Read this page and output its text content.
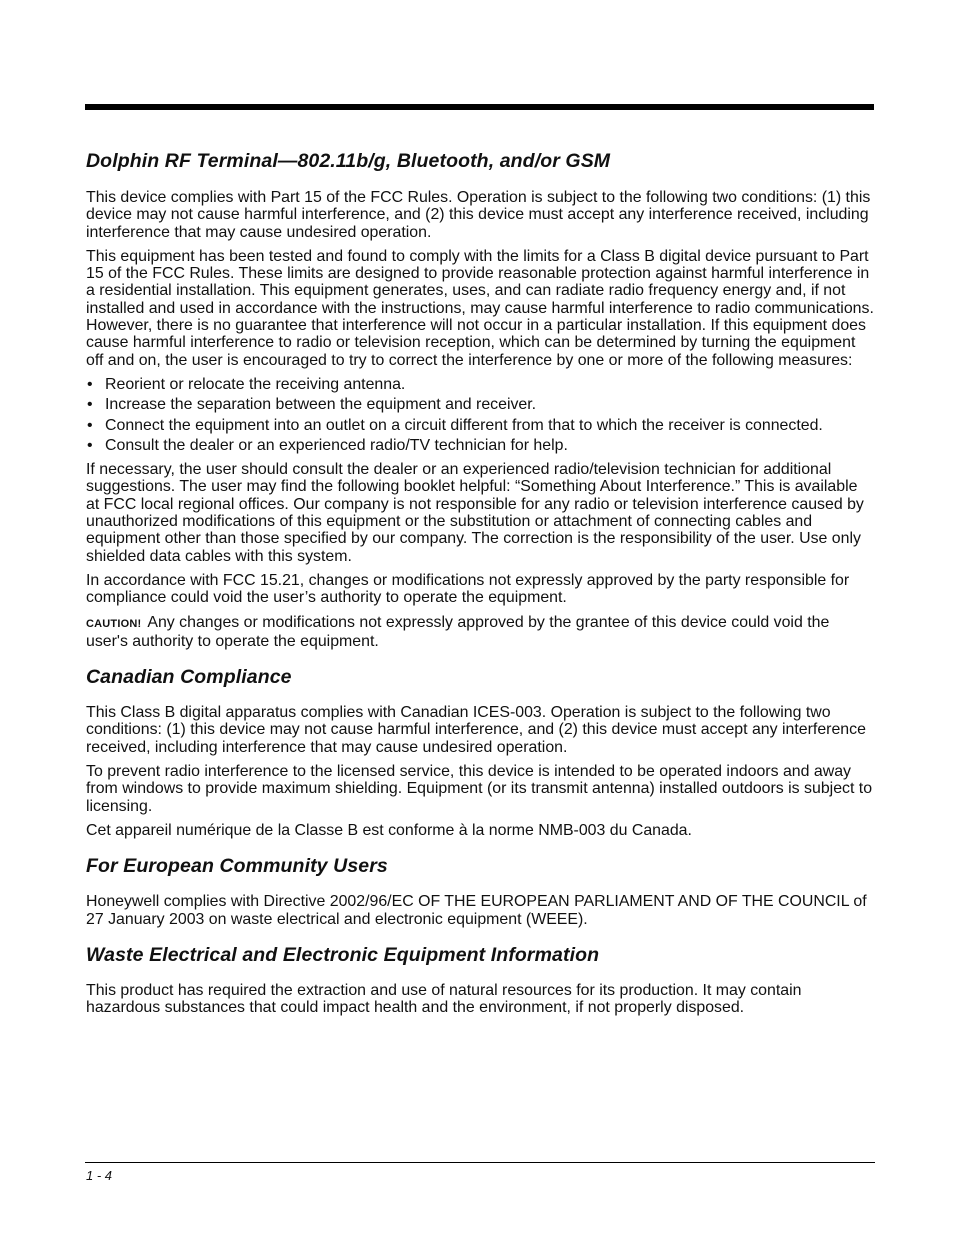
Dolphin RF Terminal—802.11b/g, Bluetooth, and/or GSM

This device complies with Part 15 of the FCC Rules. Operation is subject to the following two conditions: (1) this device may not cause harmful interference, and (2) this device must accept any interference received, including interference that may cause undesired operation.

This equipment has been tested and found to comply with the limits for a Class B digital device pursuant to Part 15 of the FCC Rules. These limits are designed to provide reasonable protection against harmful interference in a residential installation. This equipment generates, uses, and can radiate radio frequency energy and, if not installed and used in accordance with the instructions, may cause harmful interference to radio communications. However, there is no guarantee that interference will not occur in a particular installation. If this equipment does cause harmful interference to radio or television reception, which can be determined by turning the equipment off and on, the user is encouraged to try to correct the interference by one or more of the following measures:

• Reorient or relocate the receiving antenna.
• Increase the separation between the equipment and receiver.
• Connect the equipment into an outlet on a circuit different from that to which the receiver is connected.
• Consult the dealer or an experienced radio/TV technician for help.

If necessary, the user should consult the dealer or an experienced radio/television technician for additional suggestions. The user may find the following booklet helpful: “Something About Interference.” This is available at FCC local regional offices. Our company is not responsible for any radio or television interference caused by unauthorized modifications of this equipment or the substitution or attachment of connecting cables and equipment other than those specified by our company. The correction is the responsibility of the user. Use only shielded data cables with this system.

In accordance with FCC 15.21, changes or modifications not expressly approved by the party responsible for compliance could void the user’s authority to operate the equipment.

CAUTION! Any changes or modifications not expressly approved by the grantee of this device could void the user's authority to operate the equipment.

Canadian Compliance

This Class B digital apparatus complies with Canadian ICES-003. Operation is subject to the following two conditions: (1) this device may not cause harmful interference, and (2) this device must accept any interference received, including interference that may cause undesired operation.

To prevent radio interference to the licensed service, this device is intended to be operated indoors and away from windows to provide maximum shielding. Equipment (or its transmit antenna) installed outdoors is subject to licensing.

Cet appareil numérique de la Classe B est conforme à la norme NMB-003 du Canada.

For European Community Users

Honeywell complies with Directive 2002/96/EC OF THE EUROPEAN PARLIAMENT AND OF THE COUNCIL of 27 January 2003 on waste electrical and electronic equipment (WEEE).

Waste Electrical and Electronic Equipment Information

This product has required the extraction and use of natural resources for its production. It may contain hazardous substances that could impact health and the environment, if not properly disposed.

1 - 4
